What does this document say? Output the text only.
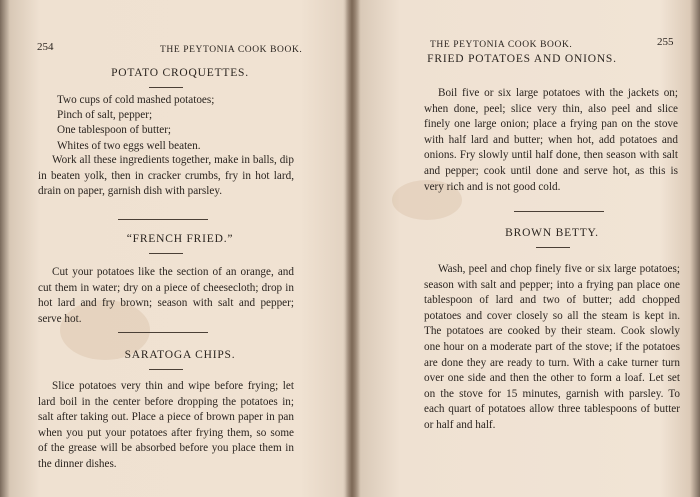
254	THE PEYTONIA COOK BOOK.
POTATO CROQUETTES.
Two cups of cold mashed potatoes;
Pinch of salt, pepper;
One tablespoon of butter;
Whites of two eggs well beaten.

Work all these ingredients together, make in balls, dip in beaten yolk, then in cracker crumbs, fry in hot lard, drain on paper, garnish dish with parsley.

“FRENCH FRIED.”

Cut your potatoes like the section of an orange, and cut them in water; dry on a piece of cheesecloth; drop in hot lard and fry brown; season with salt and pepper; serve hot.

SARATOGA CHIPS.

Slice potatoes very thin and wipe before frying; let lard boil in the center before dropping the potatoes in; salt after taking out. Place a piece of brown paper in pan when you put your potatoes after frying them, so some of the grease will be absorbed before you place them in the dinner dishes.

THE PEYTONIA COOK BOOK.	255
FRIED POTATOES AND ONIONS.

Boil five or six large potatoes with the jackets on; when done, peel; slice very thin, also peel and slice finely one large onion; place a frying pan on the stove with half lard and butter; when hot, add potatoes and onions. Fry slowly until half done, then season with salt and pepper; cook until done and serve hot, as this is very rich and is not good cold.

BROWN BETTY.

Wash, peel and chop finely five or six large potatoes; season with salt and pepper; into a frying pan place one tablespoon of lard and two of butter; add chopped potatoes and cover closely so all the steam is kept in. The potatoes are cooked by their steam. Cook slowly one hour on a moderate part of the stove; if the potatoes are done they are ready to turn. With a cake turner turn over one side and then the other to form a loaf. Let set on the stove for 15 minutes, garnish with parsley. To each quart of potatoes allow three tablespoons of butter or half and half.
